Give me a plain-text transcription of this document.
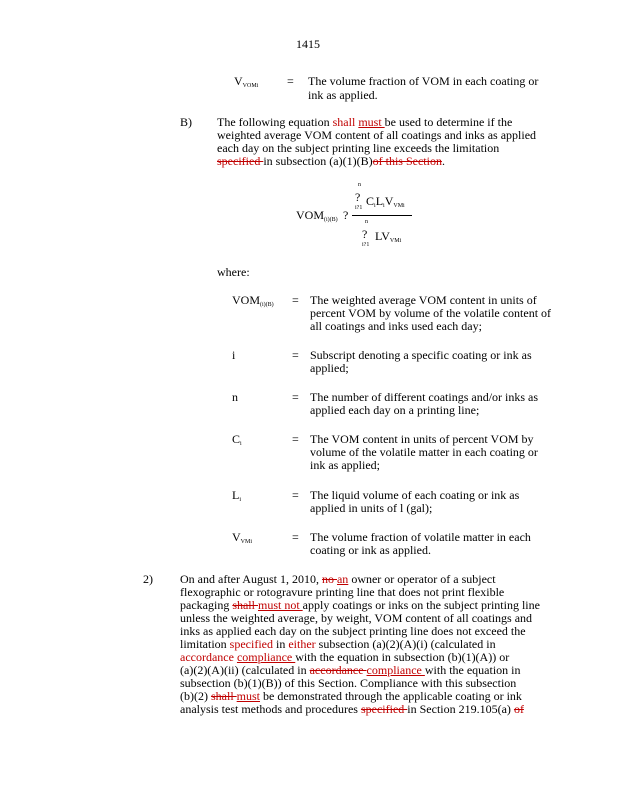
1415
$V_{VOMi}$ = The volume fraction of VOM in each coating or
ink as applied.
B) The following equation shall must be used to determine if the
weighted average VOM content of all coatings and inks as applied
each day on the subject printing line exceeds the limitation
specified in subsection (a)(1)(B)of this Section.
$VOM_{(i)(B)}$ ?
n
?
i?1 $C_iL_iV_{VMi}$
n
?
i?1
$LV_{VMi}$
where:
$VOM_{(i)(B)}$ = The weighted average VOM content in units of
percent VOM by volume of the volatile content of
all coatings and inks used each day;
i	= Subscript denoting a specific coating or ink as
applied;
n	= The number of different coatings and/or inks as
applied each day on a printing line;
$C_i$	= The VOM content in units of percent VOM by
volume of the volatile matter in each coating or
ink as applied;
$L_i$	= The liquid volume of each coating or ink as
applied in units of l (gal);
$V_{VMi}$	= The volume fraction of volatile matter in each
coating or ink as applied.
2) On and after August 1, 2010, no an owner or operator of a subject
flexographic or rotogravure printing line that does not print flexible
packaging shall must not apply coatings or inks on the subject printing line
unless the weighted average, by weight, VOM content of all coatings and
inks as applied each day on the subject printing line does not exceed the
limitation specified in either subsection (a)(2)(A)(i) (calculated in
accordance compliance with the equation in subsection (b)(1)(A)) or
(a)(2)(A)(ii) (calculated in accordance compliance with the equation in
subsection (b)(1)(B)) of this Section. Compliance with this subsection
(b)(2) shall must be demonstrated through the applicable coating or ink
analysis test methods and procedures specified in Section 219.105(a) of
